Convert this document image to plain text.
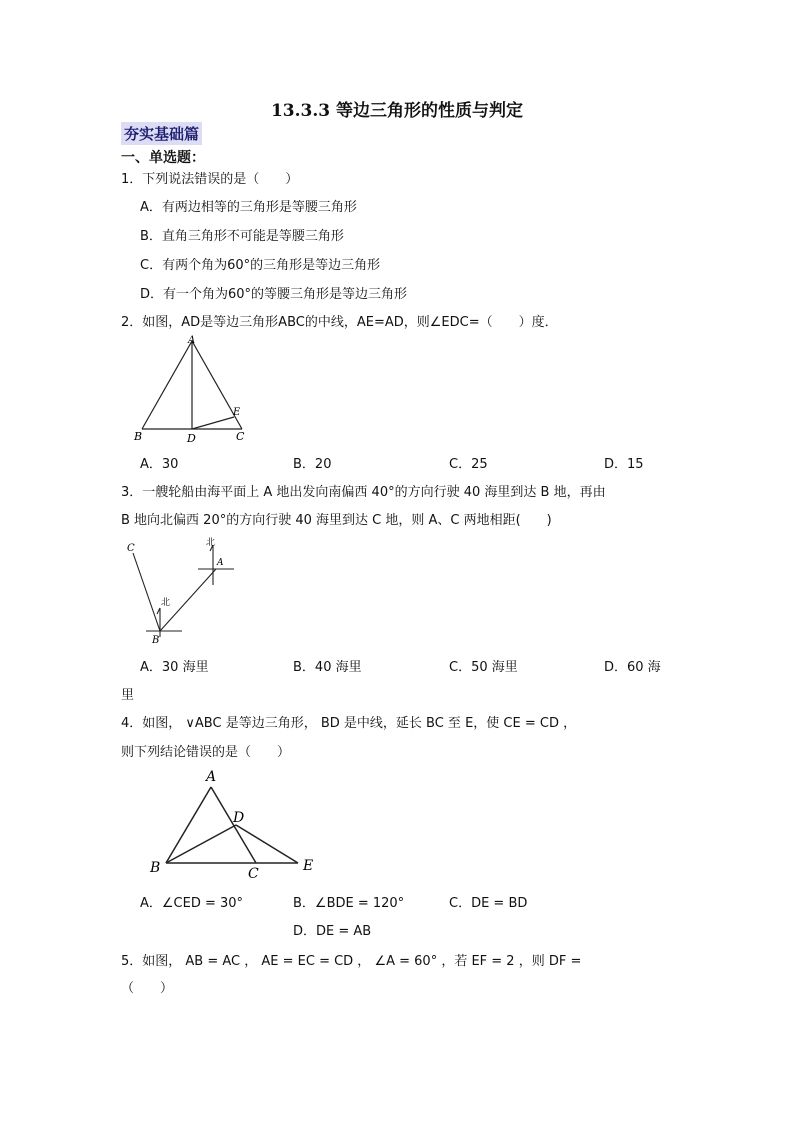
13.3.3 等边三角形的性质与判定
夯实基础篇
一、单选题：
1．下列说法错误的是（　　）
A．有两边相等的三角形是等腰三角形
B．直角三角形不可能是等腰三角形
C．有两个角为60°的三角形是等边三角形
D．有一个角为60°的等腰三角形是等边三角形
2．如图，AD是等边三角形ABC的中线，AE=AD，则∠EDC=（　　）度．
A
B	D	C
E
A．30	B．20	C．25	D．15
3．一艘轮船由海平面上 A 地出发向南偏西 40°的方向行驶 40 海里到达 B 地，再由
B 地向北偏西 20°的方向行驶 40 海里到达 C 地，则 A、C 两地相距(　　)
C
北
A
北
B
A．30 海里	B．40 海里	C．50 海里	D．60 海
里
4．如图， ∨ABC 是等边三角形， BD 是中线，延长 BC 至 E，使 CE = CD ，
则下列结论错误的是（　　）
A
D
B	C	E
A．∠CED = 30°	B．∠BDE = 120°	C．DE = BD
D．DE = AB
5．如图， AB = AC ， AE = EC = CD ， ∠A = 60° ，若 EF = 2 ，则 DF =
（　　）
